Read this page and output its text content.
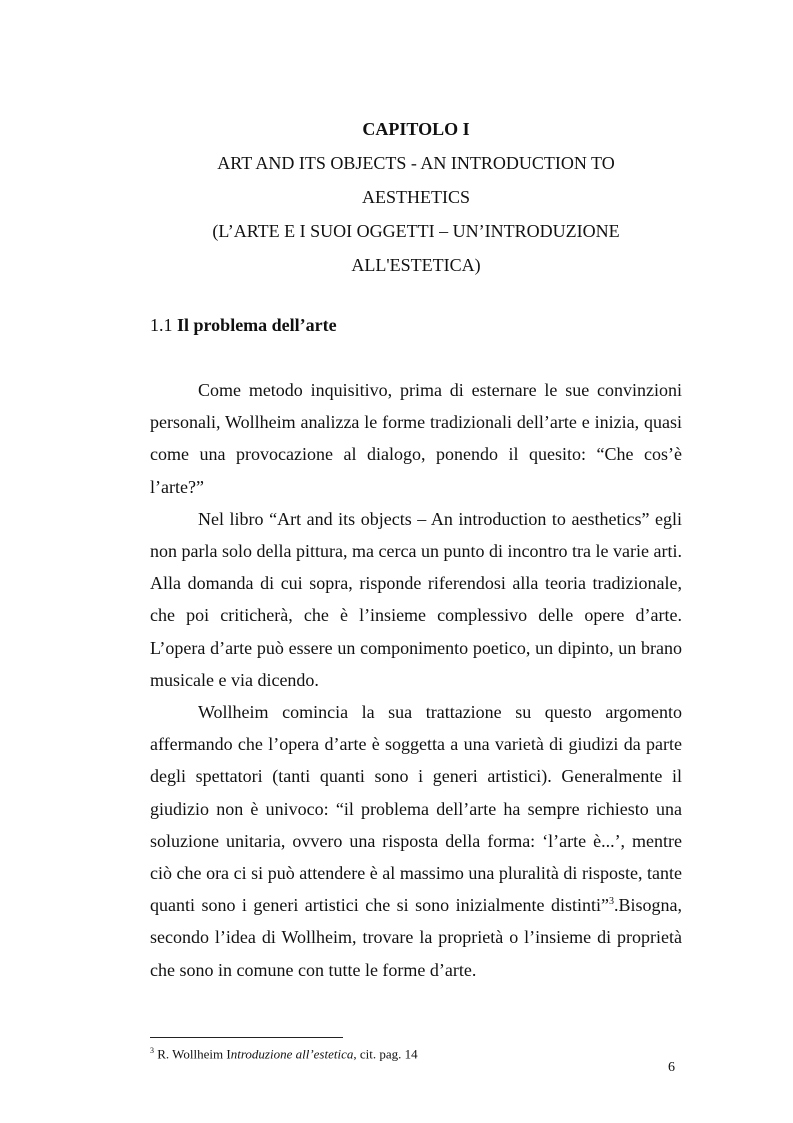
CAPITOLO I

ART AND ITS OBJECTS - AN INTRODUCTION TO

AESTHETICS

(L’ARTE E I SUOI OGGETTI – UN’INTRODUZIONE

ALL'ESTETICA)

1.1 Il problema dell’arte

Come metodo inquisitivo, prima di esternare le sue convinzioni personali, Wollheim analizza le forme tradizionali dell’arte e inizia, quasi come una provocazione al dialogo, ponendo il quesito: “Che cos’è l’arte?”

Nel libro “Art and its objects – An introduction to aesthetics” egli non parla solo della pittura, ma cerca un punto di incontro tra le varie arti. Alla domanda di cui sopra, risponde riferendosi alla teoria tradizionale, che poi criticherà, che è l’insieme complessivo delle opere d’arte. L’opera d’arte può essere un componimento poetico, un dipinto, un brano musicale e via dicendo.

Wollheim comincia la sua trattazione su questo argomento affermando che l’opera d’arte è soggetta a una varietà di giudizi da parte degli spettatori (tanti quanti sono i generi artistici). Generalmente il giudizio non è univoco: “il problema dell’arte ha sempre richiesto una soluzione unitaria, ovvero una risposta della forma: ‘l’arte è...’, mentre ciò che ora ci si può attendere è al massimo una pluralità di risposte, tante quanti sono i generi artistici che si sono inizialmente distinti”$^3$.Bisogna, secondo l’idea di Wollheim, trovare la proprietà o l’insieme di proprietà che sono in comune con tutte le forme d’arte.

$^3$ R. Wollheim Introduzione all’estetica, cit. pag. 14
6
